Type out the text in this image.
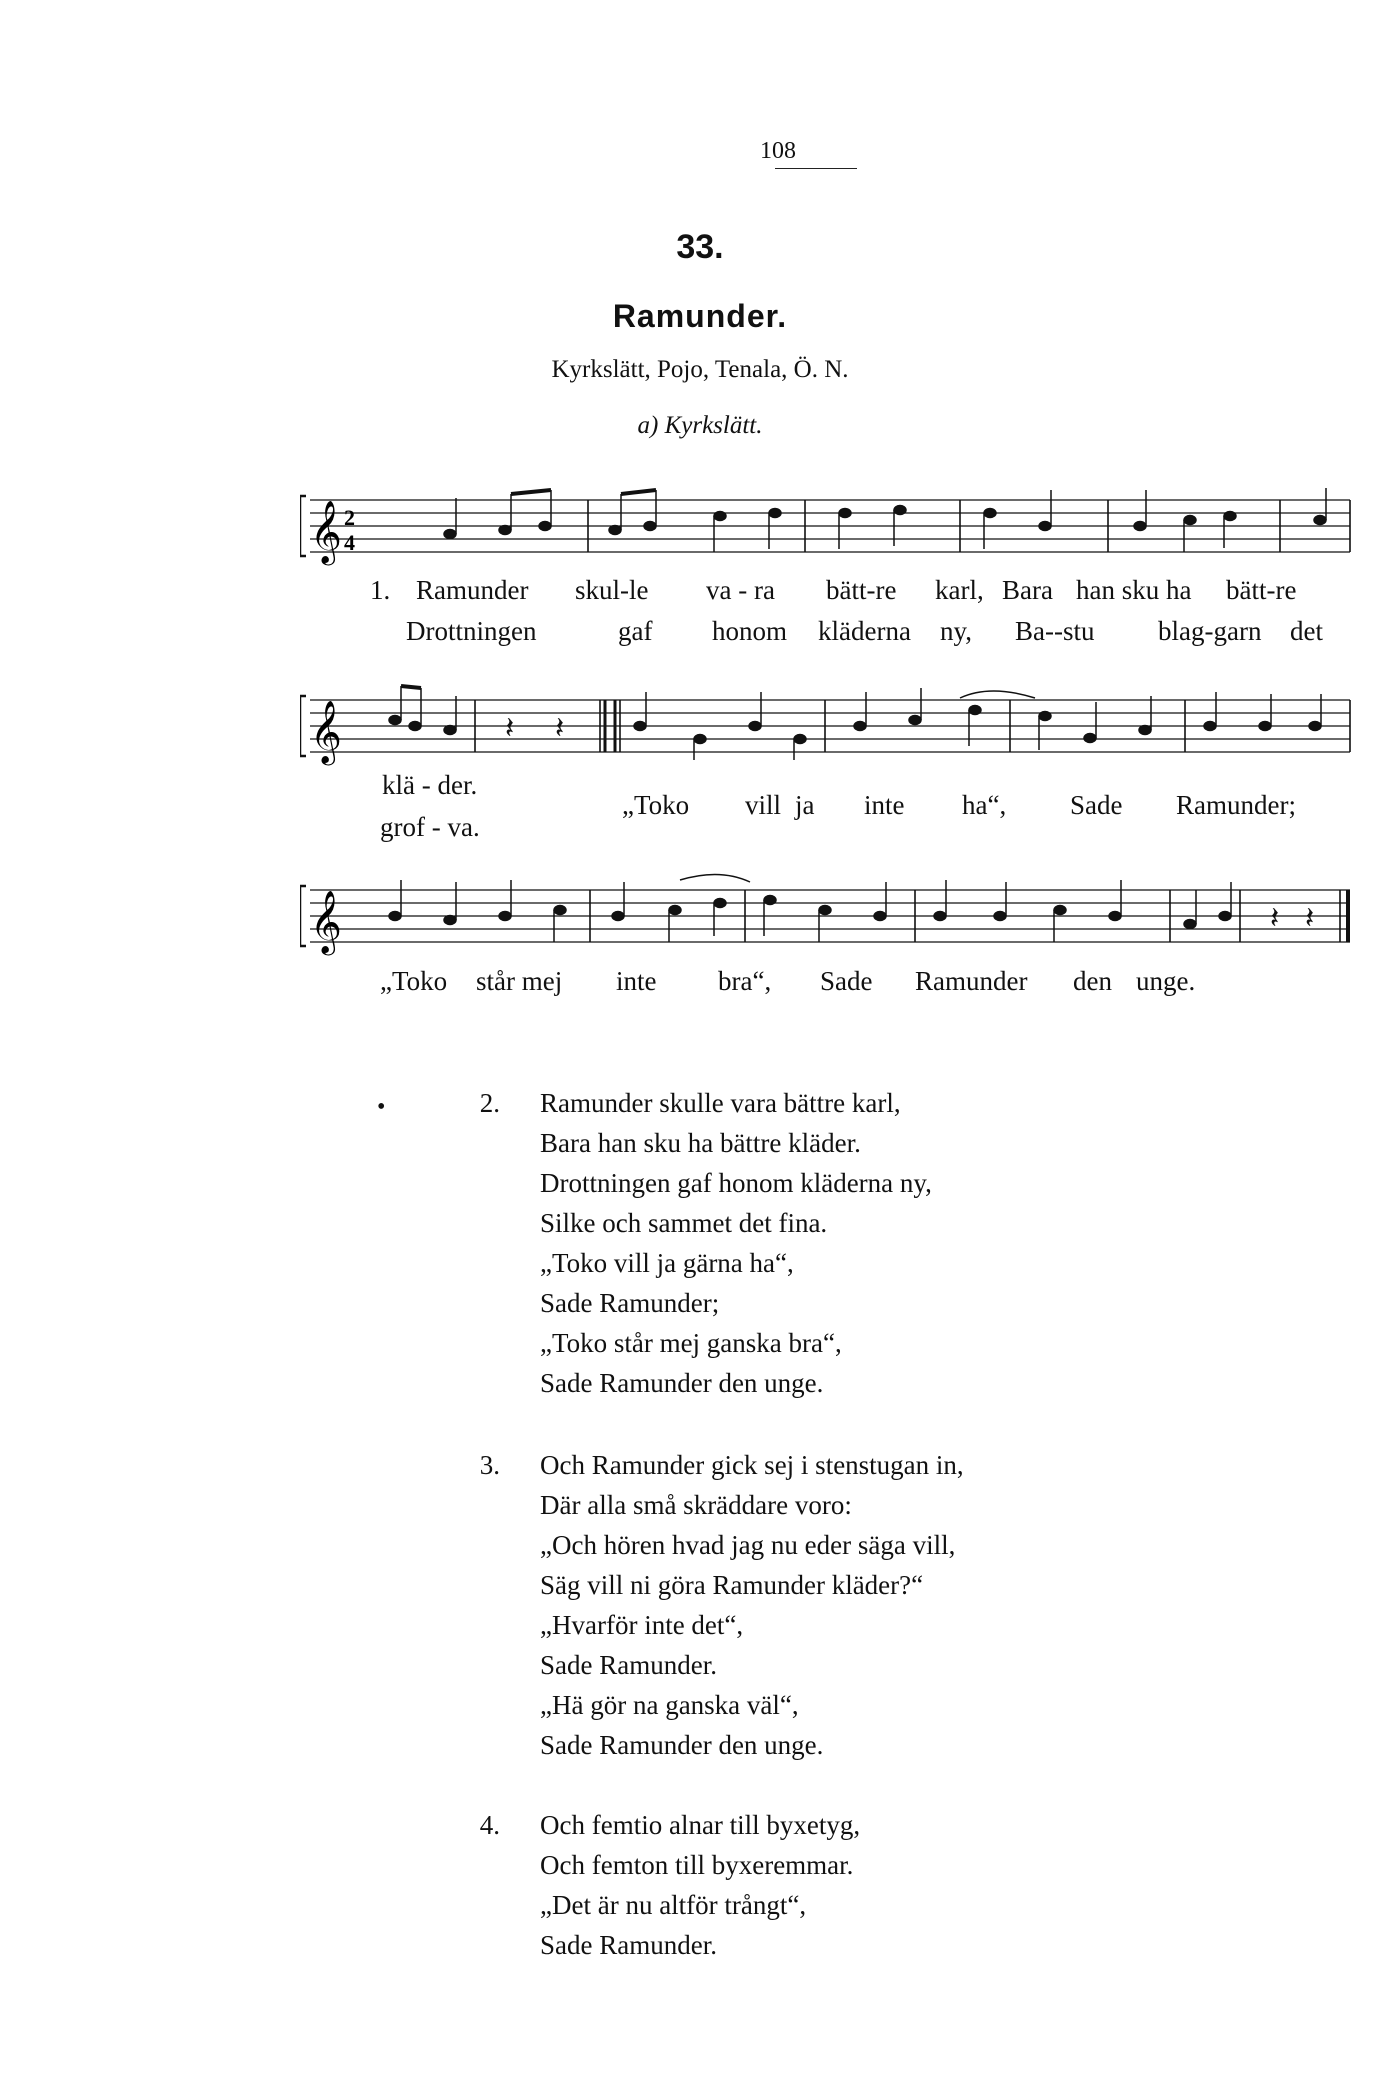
108
33.
Ramunder.
Kyrkslätt, Pojo, Tenala, Ö. N.
a) Kyrkslätt.
𝄞 2
4
1. Ramunder skul-le va - ra bätt-re karl, Bara han sku ha bätt-re
Drottningen	gaf honom kläderna ny, Ba--stu blag-garn det
𝄞	𝄽 𝄽
klä - der.
grof - va.
„Toko vill ja inte ha“, Sade Ramunder;
𝄞	𝄽 𝄽
„Toko står mej inte bra“, Sade Ramunder den unge.
•	2. Ramunder skulle vara bättre karl,
Bara han sku ha bättre kläder.
Drottningen gaf honom kläderna ny,
Silke och sammet det fina.
„Toko vill ja gärna ha“,
Sade Ramunder;
„Toko står mej ganska bra“,
Sade Ramunder den unge.
3. Och Ramunder gick sej i stenstugan in,
Där alla små skräddare voro:
„Och hören hvad jag nu eder säga vill,
Säg vill ni göra Ramunder kläder?“
„Hvarför inte det“,
Sade Ramunder.
„Hä gör na ganska väl“,
Sade Ramunder den unge.
4. Och femtio alnar till byxetyg,
Och femton till byxeremmar.
„Det är nu altför trångt“,
Sade Ramunder.
